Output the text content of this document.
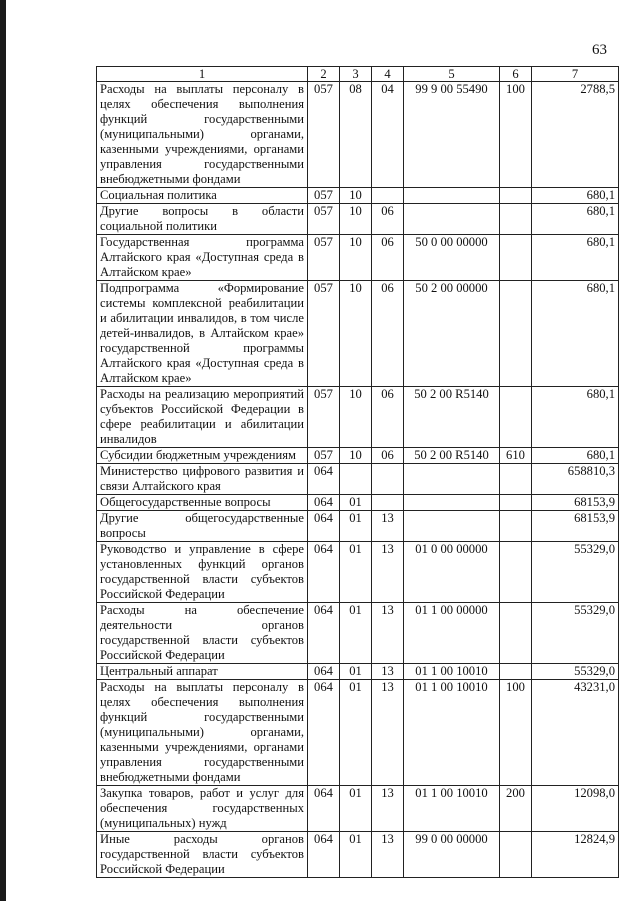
63
1	2	3	4	5	6	7
Расходы на выплаты персоналу в целях обеспечения выполнения функций государственными (муниципальными) органами, казенными учреждениями, органами управления государственными внебюджетными фондами	057	08	04	99 9 00 55490	100	2788,5
Социальная политика	057	10				680,1
Другие вопросы в области социальной политики	057	10	06			680,1
Государственная программа Алтайского края «Доступная среда в Алтайском крае»	057	10	06	50 0 00 00000		680,1
Подпрограмма «Формирование системы комплексной реабилитации и абилитации инвалидов, в том числе детей-инвалидов, в Алтайском крае» государственной программы Алтайского края «Доступная среда в Алтайском крае»	057	10	06	50 2 00 00000		680,1
Расходы на реализацию мероприятий субъектов Российской Федерации в сфере реабилитации и абилитации инвалидов	057	10	06	50 2 00 R5140		680,1
Субсидии бюджетным учреждениям	057	10	06	50 2 00 R5140	610	680,1
Министерство цифрового развития и связи Алтайского края	064					658810,3
Общегосударственные вопросы	064	01				68153,9
Другие общегосударственные вопросы	064	01	13			68153,9
Руководство и управление в сфере установленных функций органов государственной власти субъектов Российской Федерации	064	01	13	01 0 00 00000		55329,0
Расходы на обеспечение деятельности органов государственной власти субъектов Российской Федерации	064	01	13	01 1 00 00000		55329,0
Центральный аппарат	064	01	13	01 1 00 10010		55329,0
Расходы на выплаты персоналу в целях обеспечения выполнения функций государственными (муниципальными) органами, казенными учреждениями, органами управления государственными внебюджетными фондами	064	01	13	01 1 00 10010	100	43231,0
Закупка товаров, работ и услуг для обеспечения государственных (муниципальных) нужд	064	01	13	01 1 00 10010	200	12098,0
Иные расходы органов государственной власти субъектов Российской Федерации	064	01	13	99 0 00 00000		12824,9
